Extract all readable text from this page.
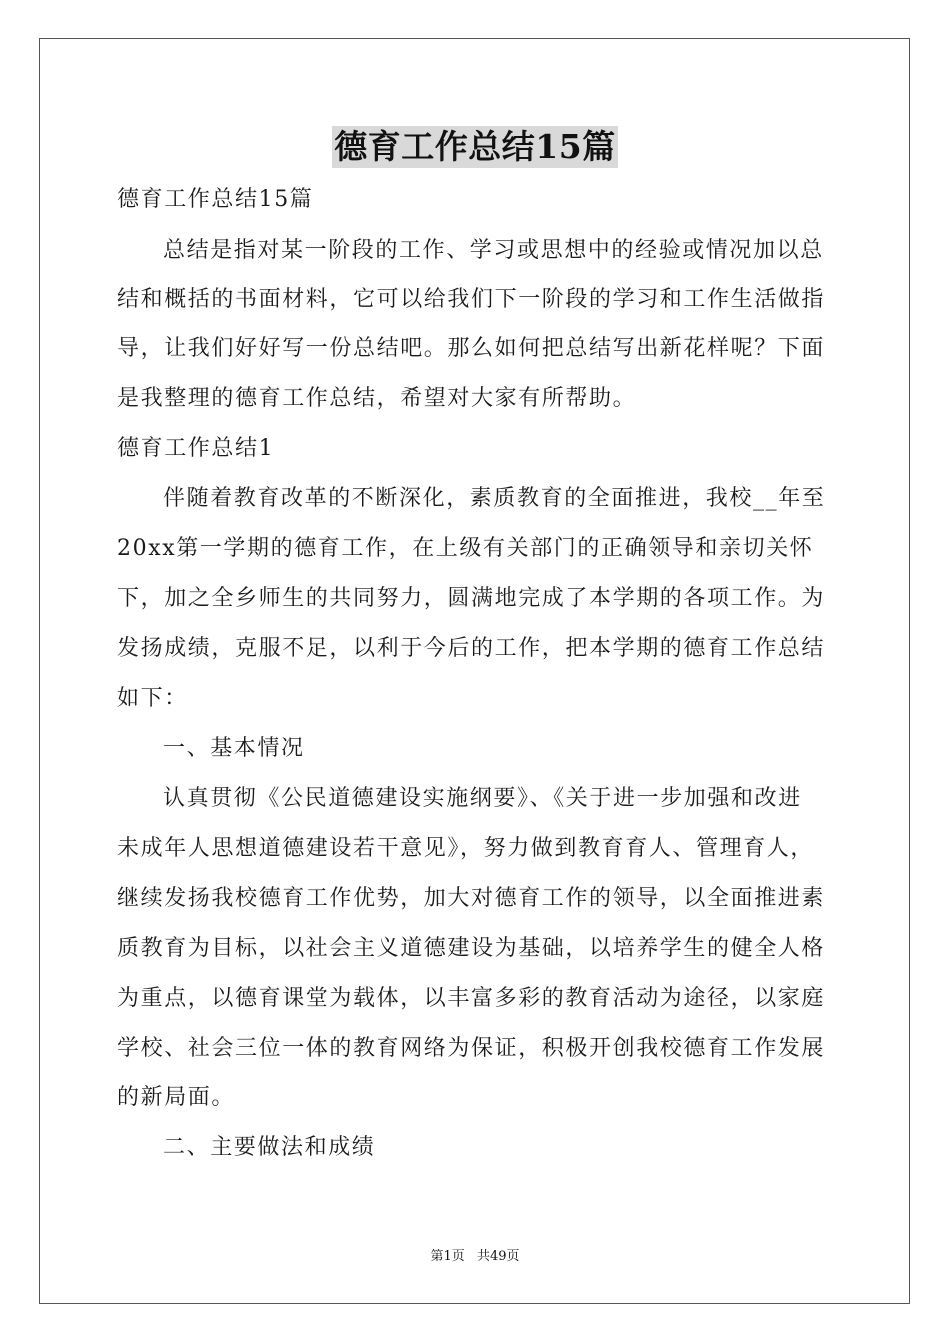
德育工作总结15篇
德育工作总结15篇
总结是指对某一阶段的工作、学习或思想中的经验或情况加以总
结和概括的书面材料，它可以给我们下一阶段的学习和工作生活做指
导，让我们好好写一份总结吧。那么如何把总结写出新花样呢？下面
是我整理的德育工作总结，希望对大家有所帮助。
德育工作总结1
伴随着教育改革的不断深化，素质教育的全面推进，我校__年至
20xx第一学期的德育工作，在上级有关部门的正确领导和亲切关怀
下，加之全乡师生的共同努力，圆满地完成了本学期的各项工作。为
发扬成绩，克服不足，以利于今后的工作，把本学期的德育工作总结
如下：
一、基本情况
认真贯彻《公民道德建设实施纲要》、《关于进一步加强和改进
未成年人思想道德建设若干意见》，努力做到教育育人、管理育人，
继续发扬我校德育工作优势，加大对德育工作的领导，以全面推进素
质教育为目标，以社会主义道德建设为基础，以培养学生的健全人格
为重点，以德育课堂为载体，以丰富多彩的教育活动为途径，以家庭
学校、社会三位一体的教育网络为保证，积极开创我校德育工作发展
的新局面。
二、主要做法和成绩
第1页 共49页
